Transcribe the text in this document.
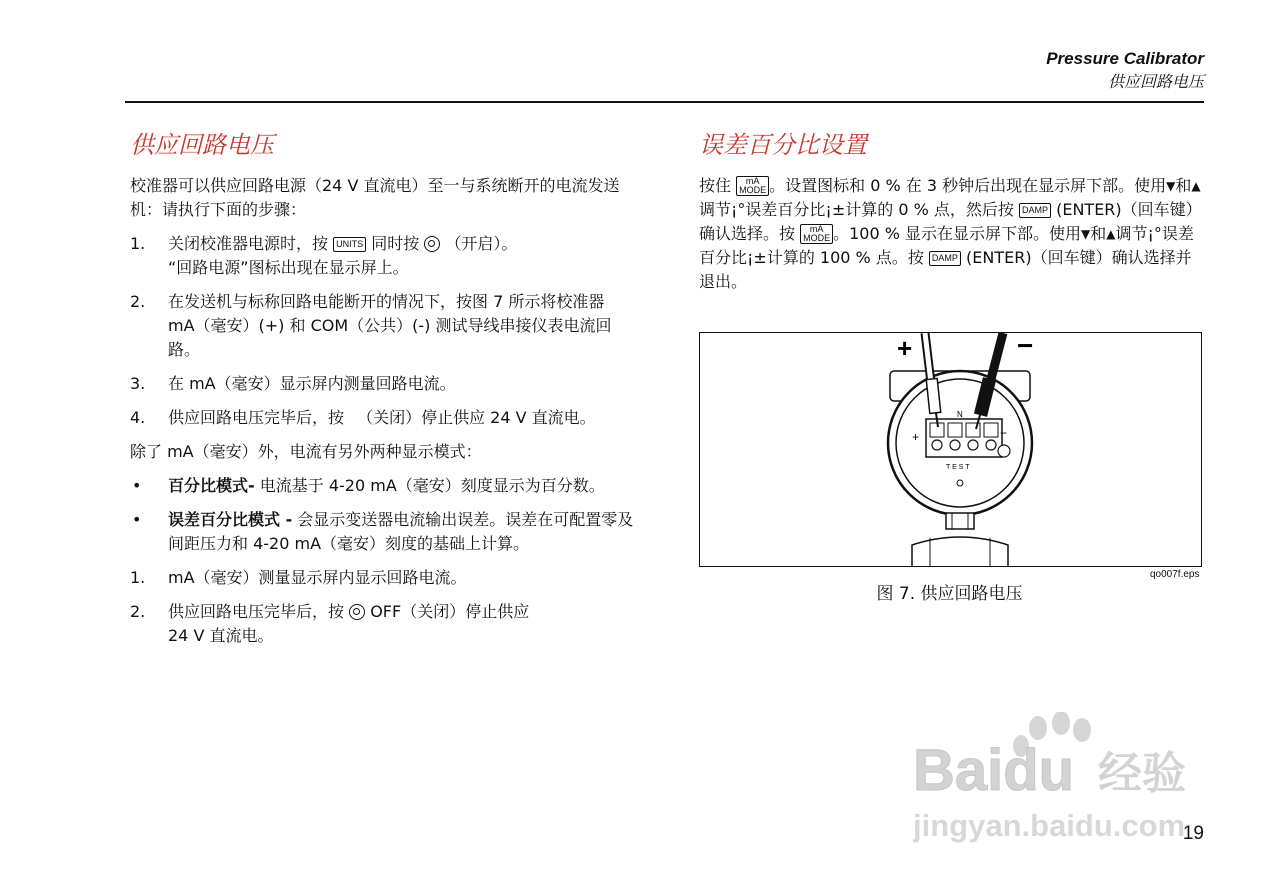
Pressure Calibrator
供应回路电压
供应回路电压

校准器可以供应回路电源（24 V 直流电）至一与系统断开的电流发送机：请执行下面的步骤：

1. 关闭校准器电源时，按 UNITS 同时按 （开启）。
“回路电源”图标出现在显示屏上。
2. 在发送机与标称回路电能断开的情况下，按图 7 所示将校准器 mA（毫安）(+) 和 COM（公共）(-) 测试导线串接仪表电流回路。
3. 在 mA（毫安）显示屏内测量回路电流。
4. 供应回路电压完毕后，按 　（关闭）停止供应 24 V 直流电。

除了 mA（毫安）外，电流有另外两种显示模式：

• 百分比模式- 电流基于 4-20 mA（毫安）刻度显示为百分数。
• 误差百分比模式 - 会显示变送器电流输出误差。误差在可配置零及间距压力和 4-20 mA（毫安）刻度的基础上计算。
1. mA（毫安）测量显示屏内显示回路电流。
2. 供应回路电压完毕后，按 OFF（关闭）停止供应
24 V 直流电。
误差百分比设置

按住	mA
MODE 。设置图标和 0 % 在 3 秒钟后出现在显示屏下部。使用▼和▲调节¡°误差百分比¡±计算的 0 % 点，然后按 DAMP (ENTER)（回车键）确认选择。按	mA
MODE 。100 % 显示在显示屏下部。使用▼和▲调节¡°误差百分比¡±计算的 100 % 点。按 DAMP (ENTER)（回车键）确认选择并退出。

+	−
N
+	−
T E S T
qo007f.eps
图 7. 供应回路电压
Baidu 经验
jingyan.baidu.com
19
